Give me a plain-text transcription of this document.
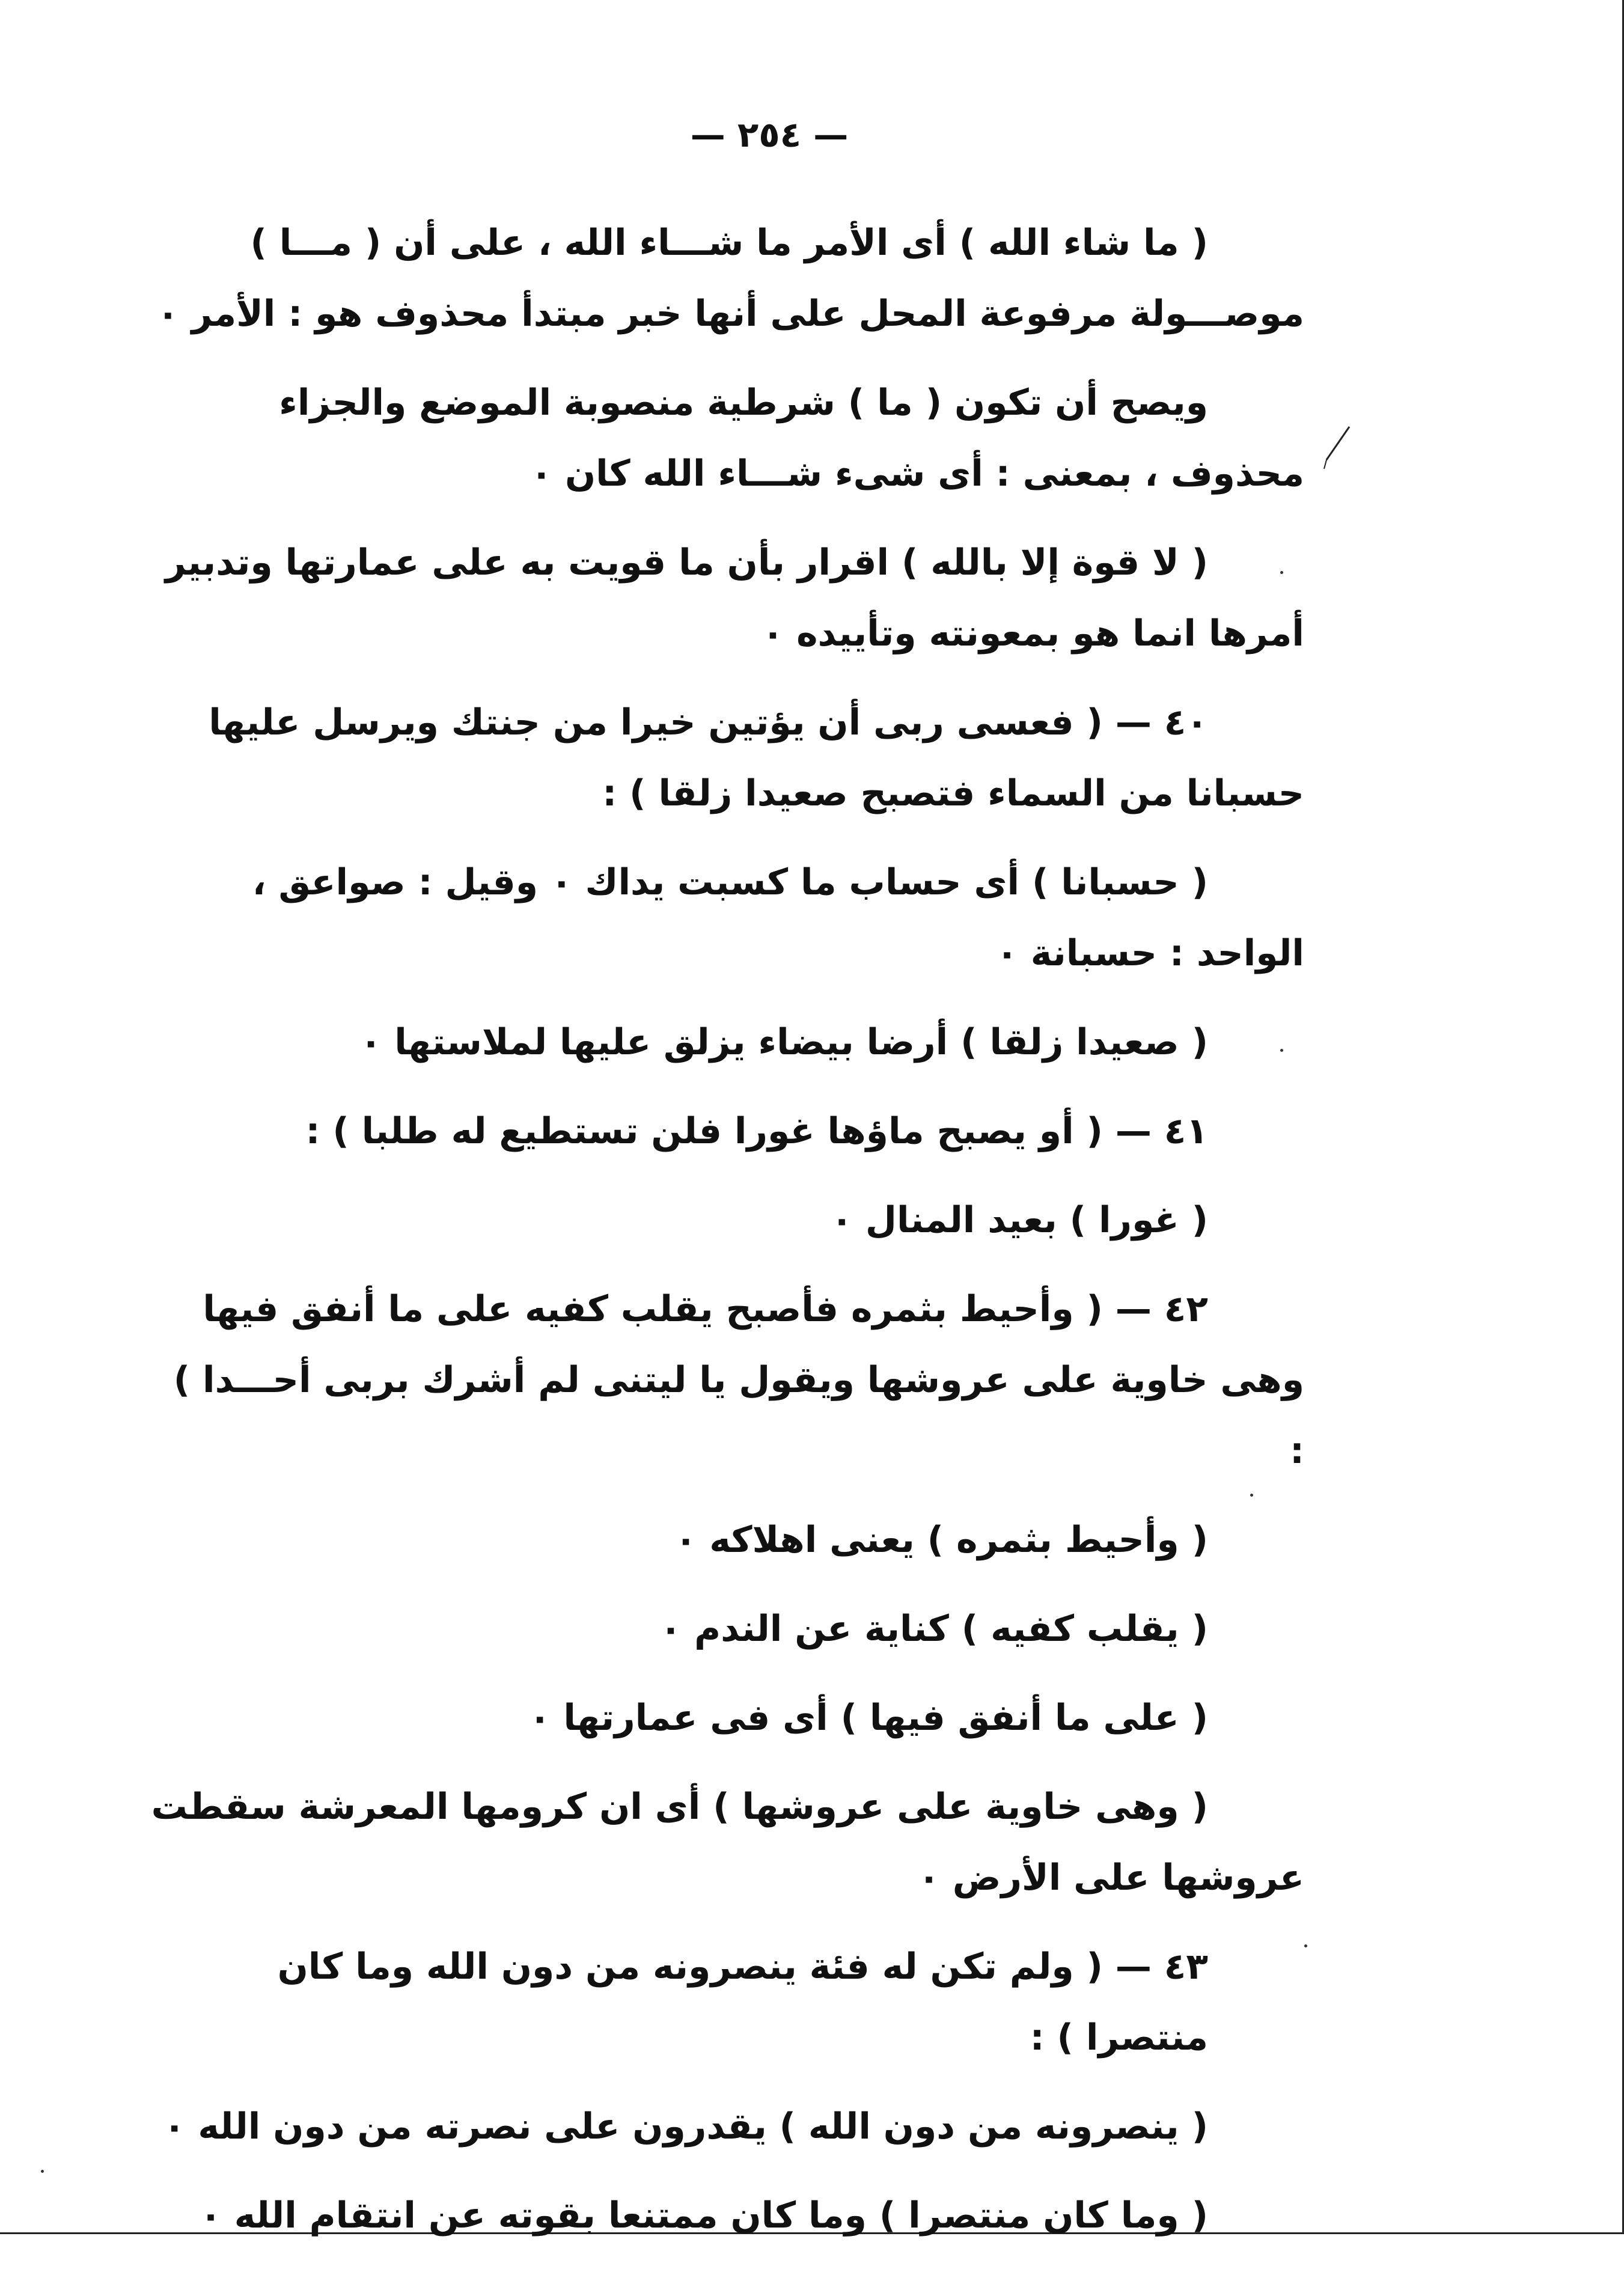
— ٢٥٤ —

( ما شاء الله ) أى الأمر ما شـــاء الله ، على أن ( مـــا ) موصـــولة مرفوعة المحل على أنها خبر مبتدأ محذوف هو : الأمر ٠

ويصح أن تكون ( ما ) شرطية منصوبة الموضع والجزاء محذوف ، بمعنى : أى شىء شـــاء الله كان ٠

( لا قوة إلا بالله ) اقرار بأن ما قويت به على عمارتها وتدبير أمرها انما هو بمعونته وتأييده ٠

٤٠ — ( فعسى ربى أن يؤتين خيرا من جنتك ويرسل عليها حسبانا من السماء فتصبح صعيدا زلقا ) :

( حسبانا ) أى حساب ما كسبت يداك ٠ وقيل : صواعق ، الواحد : حسبانة ٠

( صعيدا زلقا ) أرضا بيضاء يزلق عليها لملاستها ٠

٤١ — ( أو يصبح ماؤها غورا فلن تستطيع له طلبا ) :

( غورا ) بعيد المنال ٠

٤٢ — ( وأحيط بثمره فأصبح يقلب كفيه على ما أنفق فيها وهى خاوية على عروشها ويقول يا ليتنى لم أشرك بربى أحـــدا ) :

( وأحيط بثمره ) يعنى اهلاكه ٠

( يقلب كفيه ) كناية عن الندم ٠

( على ما أنفق فيها ) أى فى عمارتها ٠

( وهى خاوية على عروشها ) أى ان كرومها المعرشة سقطت عروشها على الأرض ٠

٤٣ — ( ولم تكن له فئة ينصرونه من دون الله وما كان منتصرا ) :

( ينصرونه من دون الله ) يقدرون على نصرته من دون الله ٠

( وما كان منتصرا ) وما كان ممتنعا بقوته عن انتقام الله ٠
